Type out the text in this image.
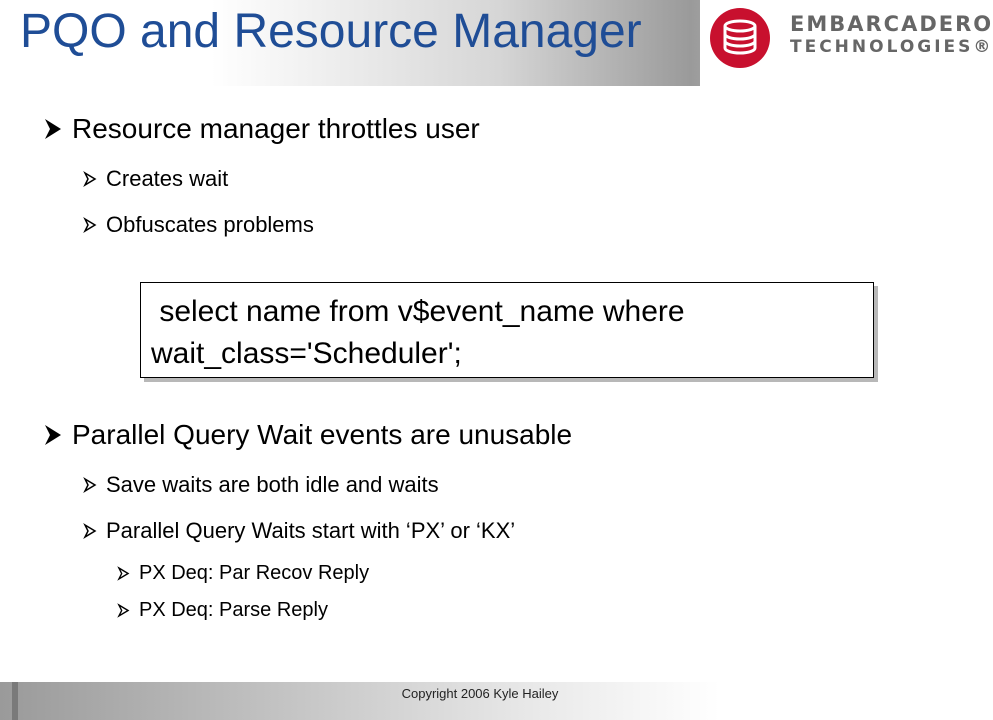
PQO and Resource Manager	EMBARCADERO
TECHNOLOGIES®
Resource manager throttles user
Creates wait
Obfuscates problems
select name from v$event_name where
wait_class='Scheduler';
Parallel Query Wait events are unusable
Save waits are both idle and waits
Parallel Query Waits start with ‘PX’ or ‘KX’
PX Deq: Par Recov Reply
PX Deq: Parse Reply
Copyright 2006 Kyle Hailey
